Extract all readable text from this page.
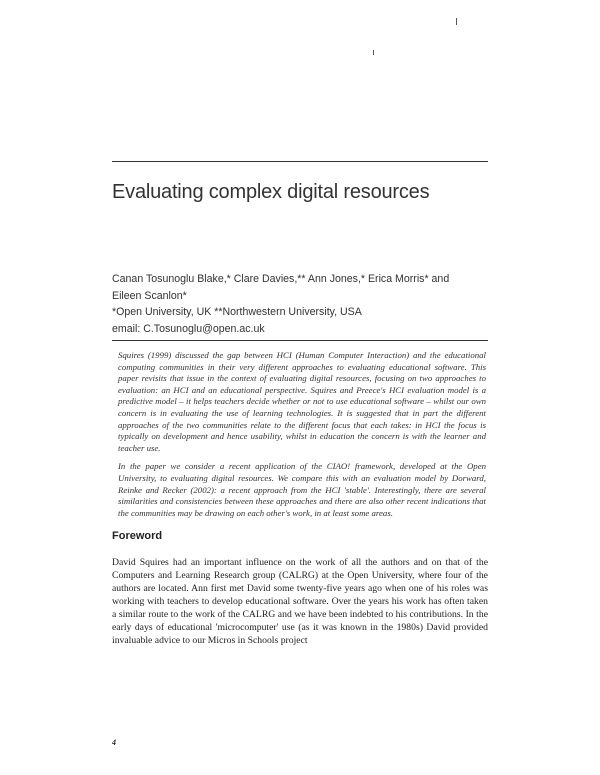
Evaluating complex digital resources
Canan Tosunoglu Blake,* Clare Davies,** Ann Jones,* Erica Morris* and
Eileen Scanlon*
*Open University, UK **Northwestern University, USA
email: C.Tosunoglu@open.ac.uk

Squires (1999) discussed the gap between HCI (Human Computer Interaction) and the educational computing communities in their very different approaches to evaluating educational software. This paper revisits that issue in the context of evaluating digital resources, focusing on two approaches to evaluation: an HCI and an educational perspective. Squires and Preece's HCI evaluation model is a predictive model – it helps teachers decide whether or not to use educational software – whilst our own concern is in evaluating the use of learning technologies. It is suggested that in part the different approaches of the two communities relate to the different focus that each takes: in HCI the focus is typically on development and hence usability, whilst in education the concern is with the learner and teacher use.

In the paper we consider a recent application of the CIAO! framework, developed at the Open University, to evaluating digital resources. We compare this with an evaluation model by Dorward, Reinke and Recker (2002): a recent approach from the HCI 'stable'. Interestingly, there are several similarities and consistencies between these approaches and there are also other recent indications that the communities may be drawing on each other's work, in at least some areas.

Foreword

David Squires had an important influence on the work of all the authors and on that of the Computers and Learning Research group (CALRG) at the Open University, where four of the authors are located. Ann first met David some twenty-five years ago when one of his roles was working with teachers to develop educational software. Over the years his work has often taken a similar route to the work of the CALRG and we have been indebted to his contributions. In the early days of educational 'microcomputer' use (as it was known in the 1980s) David provided invaluable advice to our Micros in Schools project

4
